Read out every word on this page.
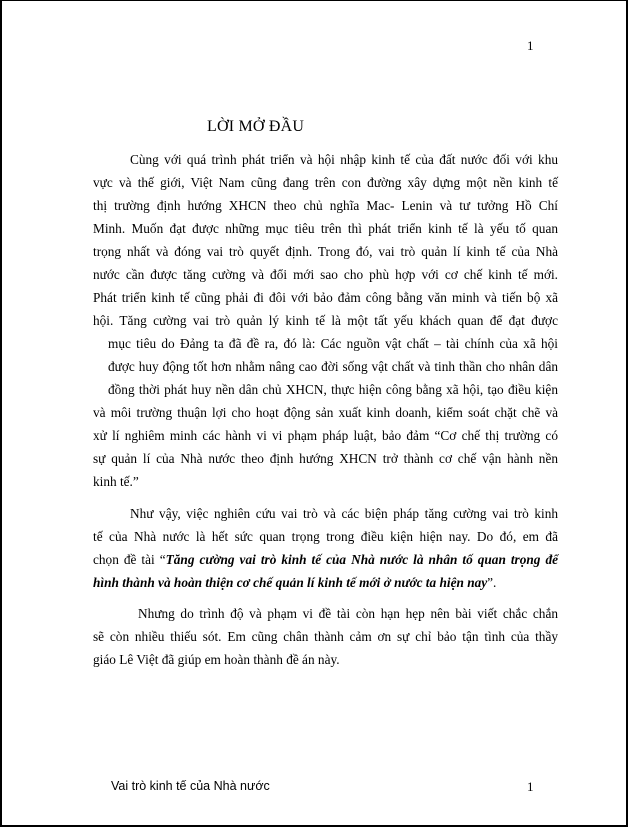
1
LỜI MỞ ĐẦU
Cùng với quá trình phát triển và hội nhập kinh tế của đất nước đối với khu
vực và thế giới, Việt Nam cũng đang trên con đường xây dựng một nền kinh tế
thị trường định hướng XHCN theo chủ nghĩa Mac- Lenin và tư tưởng Hồ Chí
Minh. Muốn đạt được những mục tiêu trên thì phát triển kinh tế là yếu tố quan
trọng nhất và đóng vai trò quyết định. Trong đó, vai trò quản lí kinh tế của Nhà
nước cần được tăng cường và đổi mới sao cho phù hợp với cơ chế kinh tế mới.
Phát triển kinh tế cũng phải đi đôi với bảo đảm công bằng văn minh và tiến bộ xã
hội. Tăng cường vai trò quản lý kinh tế là một tất yếu khách quan để đạt được
mục tiêu do Đảng ta đã đề ra, đó là: Các nguồn vật chất – tài chính của xã hội
được huy động tốt hơn nhằm nâng cao đời sống vật chất và tinh thần cho nhân dân
đồng thời phát huy nền dân chủ XHCN, thực hiện công bằng xã hội, tạo điều kiện
và môi trường thuận lợi cho hoạt động sản xuất kinh doanh, kiểm soát chặt chẽ và
xử lí nghiêm minh các hành vi vi phạm pháp luật, bảo đảm “Cơ chế thị trường có
sự quản lí của Nhà nước theo định hướng XHCN trở thành cơ chế vận hành nền
kinh tế.”
Như vậy, việc nghiên cứu vai trò và các biện pháp tăng cường vai trò kinh
tế của Nhà nước là hết sức quan trọng trong điều kiện hiện nay. Do đó, em đã
chọn đề tài “Tăng cường vai trò kinh tế của Nhà nước là nhân tố quan trọng để
hình thành và hoàn thiện cơ chế quản lí kinh tế mới ở nước ta hiện nay”.
Nhưng do trình độ và phạm vi đề tài còn hạn hẹp nên bài viết chắc chắn
sẽ còn nhiều thiếu sót. Em cũng chân thành cảm ơn sự chỉ bảo tận tình của thầy
giáo Lê Việt đã giúp em hoàn thành đề án này.
Vai trò kinh tế của Nhà nước	1
